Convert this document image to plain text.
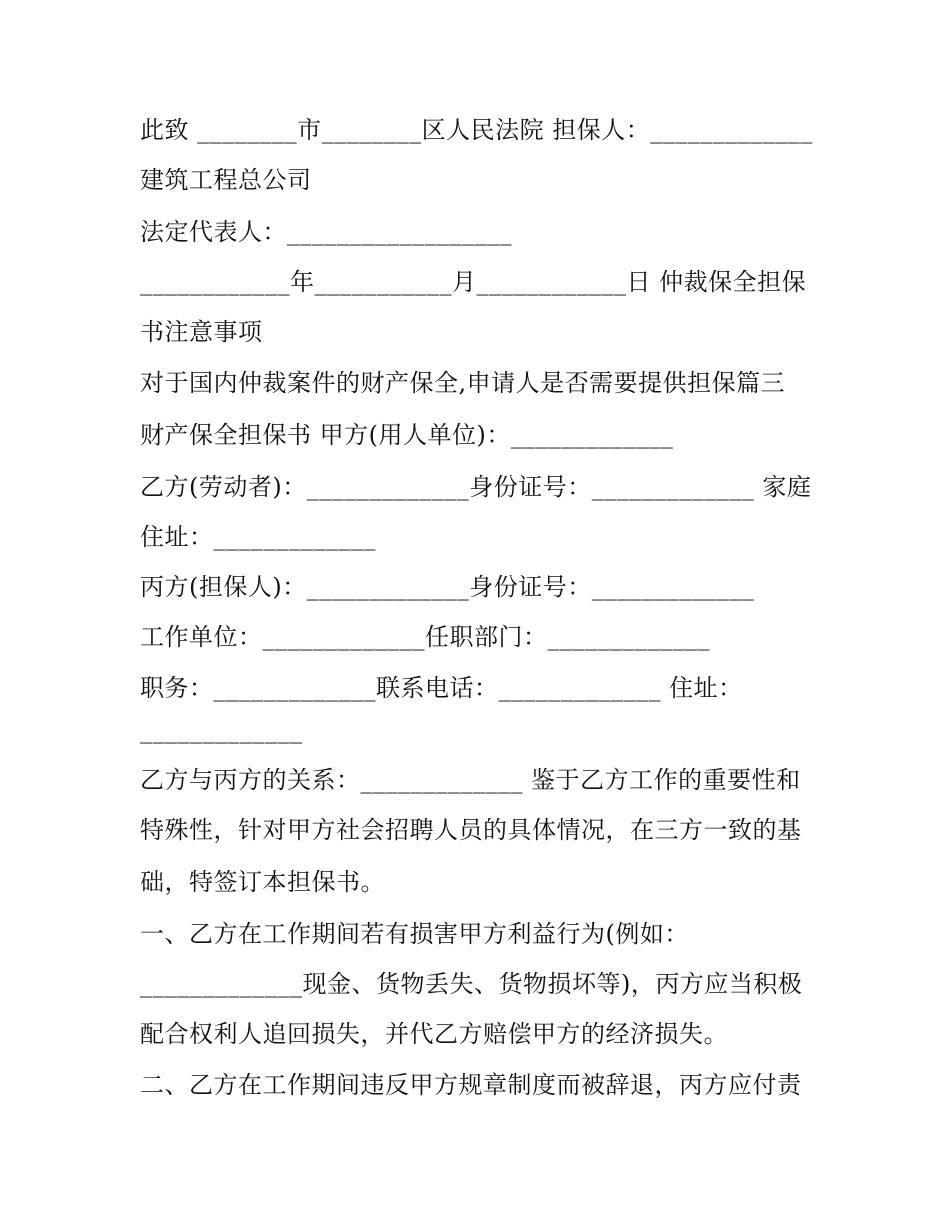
此致 ________市________区人民法院 担保人：_____________
建筑工程总公司
法定代表人：__________________
____________年___________月____________日 仲裁保全担保
书注意事项
对于国内仲裁案件的财产保全,申请人是否需要提供担保篇三
财产保全担保书 甲方(用人单位)：_____________
乙方(劳动者)：_____________身份证号：_____________ 家庭
住址：_____________
丙方(担保人)：_____________身份证号：_____________
工作单位：_____________任职部门：_____________
职务：_____________联系电话：_____________ 住址：
_____________
乙方与丙方的关系：_____________ 鉴于乙方工作的重要性和
特殊性，针对甲方社会招聘人员的具体情况，在三方一致的基
础，特签订本担保书。
一、乙方在工作期间若有损害甲方利益行为(例如：
_____________现金、货物丢失、货物损坏等)，丙方应当积极
配合权利人追回损失，并代乙方赔偿甲方的经济损失。
二、乙方在工作期间违反甲方规章制度而被辞退，丙方应付责
